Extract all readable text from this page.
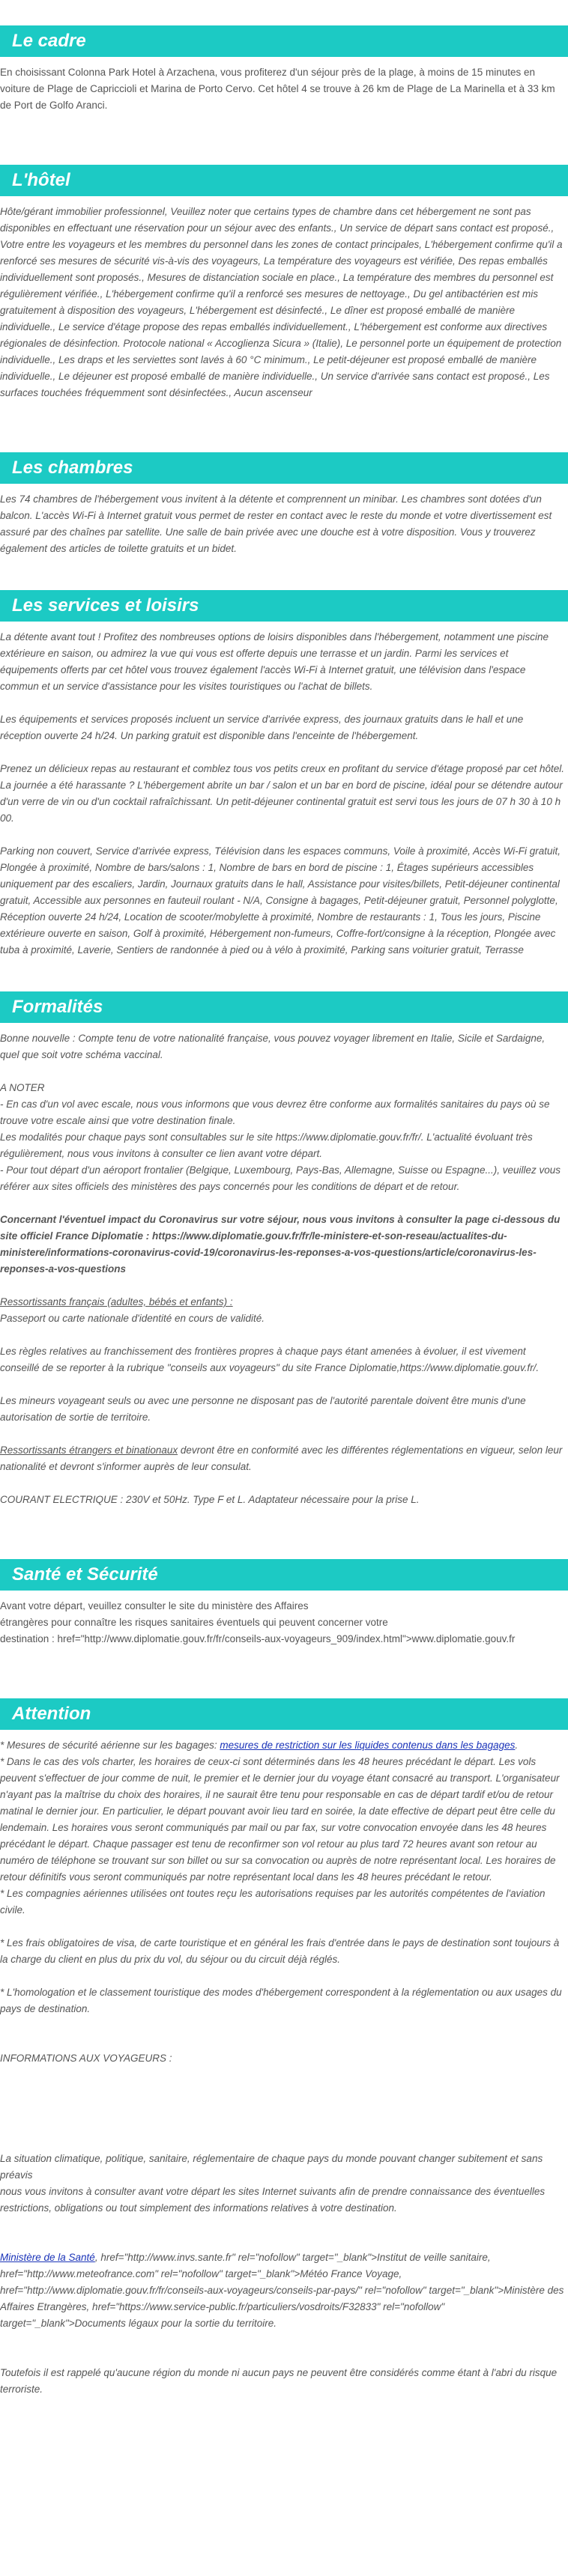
Le cadre

En choisissant Colonna Park Hotel à Arzachena, vous profiterez d'un séjour près de la plage, à moins de 15 minutes en voiture de Plage de Capriccioli et Marina de Porto Cervo. Cet hôtel 4 se trouve à 26 km de Plage de La Marinella et à 33 km de Port de Golfo Aranci.

L'hôtel

Hôte/gérant immobilier professionnel, Veuillez noter que certains types de chambre dans cet hébergement ne sont pas disponibles en effectuant une réservation pour un séjour avec des enfants., Un service de départ sans contact est proposé., Votre entre les voyageurs et les membres du personnel dans les zones de contact principales, L'hébergement confirme qu'il a renforcé ses mesures de sécurité vis-à-vis des voyageurs, La température des voyageurs est vérifiée, Des repas emballés individuellement sont proposés., Mesures de distanciation sociale en place., La température des membres du personnel est régulièrement vérifiée., L'hébergement confirme qu'il a renforcé ses mesures de nettoyage., Du gel antibactérien est mis gratuitement à disposition des voyageurs, L'hébergement est désinfecté., Le dîner est proposé emballé de manière individuelle., Le service d'étage propose des repas emballés individuellement., L'hébergement est conforme aux directives régionales de désinfection. Protocole national « Accoglienza Sicura » (Italie), Le personnel porte un équipement de protection individuelle., Les draps et les serviettes sont lavés à 60 °C minimum., Le petit-déjeuner est proposé emballé de manière individuelle., Le déjeuner est proposé emballé de manière individuelle., Un service d'arrivée sans contact est proposé., Les surfaces touchées fréquemment sont désinfectées., Aucun ascenseur

Les chambres

Les 74 chambres de l'hébergement vous invitent à la détente et comprennent un minibar. Les chambres sont dotées d'un balcon. L'accès Wi-Fi à Internet gratuit vous permet de rester en contact avec le reste du monde et votre divertissement est assuré par des chaînes par satellite. Une salle de bain privée avec une douche est à votre disposition. Vous y trouverez également des articles de toilette gratuits et un bidet.

Les services et loisirs

La détente avant tout ! Profitez des nombreuses options de loisirs disponibles dans l'hébergement, notamment une piscine extérieure en saison, ou admirez la vue qui vous est offerte depuis une terrasse et un jardin. Parmi les services et équipements offerts par cet hôtel vous trouvez également l'accès Wi-Fi à Internet gratuit, une télévision dans l'espace commun et un service d'assistance pour les visites touristiques ou l'achat de billets.

Les équipements et services proposés incluent un service d'arrivée express, des journaux gratuits dans le hall et une réception ouverte 24 h/24. Un parking gratuit est disponible dans l'enceinte de l'hébergement.

Prenez un délicieux repas au restaurant et comblez tous vos petits creux en profitant du service d'étage proposé par cet hôtel. La journée a été harassante ? L'hébergement abrite un bar / salon et un bar en bord de piscine, idéal pour se détendre autour d'un verre de vin ou d'un cocktail rafraîchissant. Un petit-déjeuner continental gratuit est servi tous les jours de 07 h 30 à 10 h 00.

Parking non couvert, Service d'arrivée express, Télévision dans les espaces communs, Voile à proximité, Accès Wi-Fi gratuit, Plongée à proximité, Nombre de bars/salons : 1, Nombre de bars en bord de piscine : 1, Étages supérieurs accessibles uniquement par des escaliers, Jardin, Journaux gratuits dans le hall, Assistance pour visites/billets, Petit-déjeuner continental gratuit, Accessible aux personnes en fauteuil roulant - N/A, Consigne à bagages, Petit-déjeuner gratuit, Personnel polyglotte, Réception ouverte 24 h/24, Location de scooter/mobylette à proximité, Nombre de restaurants : 1, Tous les jours, Piscine extérieure ouverte en saison, Golf à proximité, Hébergement non-fumeurs, Coffre-fort/consigne à la réception, Plongée avec tuba à proximité, Laverie, Sentiers de randonnée à pied ou à vélo à proximité, Parking sans voiturier gratuit, Terrasse

Formalités

Bonne nouvelle : Compte tenu de votre nationalité française, vous pouvez voyager librement en Italie, Sicile et Sardaigne, quel que soit votre schéma vaccinal.

A NOTER
- En cas d'un vol avec escale, nous vous informons que vous devrez être conforme aux formalités sanitaires du pays où se trouve votre escale ainsi que votre destination finale.
Les modalités pour chaque pays sont consultables sur le site https://www.diplomatie.gouv.fr/fr/. L'actualité évoluant très régulièrement, nous vous invitons à consulter ce lien avant votre départ.
- Pour tout départ d'un aéroport frontalier (Belgique, Luxembourg, Pays-Bas, Allemagne, Suisse ou Espagne...), veuillez vous référer aux sites officiels des ministères des pays concernés pour les conditions de départ et de retour.

Concernant l'éventuel impact du Coronavirus sur votre séjour, nous vous invitons à consulter la page ci-dessous du site officiel France Diplomatie : https://www.diplomatie.gouv.fr/fr/le-ministere-et-son-reseau/actualites-du-ministere/informations-coronavirus-covid-19/coronavirus-les-reponses-a-vos-questions/article/coronavirus-les-reponses-a-vos-questions

Ressortissants français (adultes, bébés et enfants) :
Passeport ou carte nationale d'identité en cours de validité.

Les règles relatives au franchissement des frontières propres à chaque pays étant amenées à évoluer, il est vivement conseillé de se reporter à la rubrique "conseils aux voyageurs" du site France Diplomatie,https://www.diplomatie.gouv.fr/.

Les mineurs voyageant seuls ou avec une personne ne disposant pas de l'autorité parentale doivent être munis d'une autorisation de sortie de territoire.

Ressortissants étrangers et binationaux devront être en conformité avec les différentes réglementations en vigueur, selon leur nationalité et devront s'informer auprès de leur consulat.

COURANT ELECTRIQUE : 230V et 50Hz. Type F et L. Adaptateur nécessaire pour la prise L.

Santé et Sécurité

Avant votre départ, veuillez consulter le site du ministère des Affaires
étrangères pour connaître les risques sanitaires éventuels qui peuvent concerner votre
destination : href="http://www.diplomatie.gouv.fr/fr/conseils-aux-voyageurs_909/index.html">www.diplomatie.gouv.fr

Attention

* Mesures de sécurité aérienne sur les bagages: mesures de restriction sur les liquides contenus dans les bagages.
* Dans le cas des vols charter, les horaires de ceux-ci sont déterminés dans les 48 heures précédant le départ. Les vols peuvent s'effectuer de jour comme de nuit, le premier et le dernier jour du voyage étant consacré au transport. L'organisateur n'ayant pas la maîtrise du choix des horaires, il ne saurait être tenu pour responsable en cas de départ tardif et/ou de retour matinal le dernier jour. En particulier, le départ pouvant avoir lieu tard en soirée, la date effective de départ peut être celle du lendemain. Les horaires vous seront communiqués par mail ou par fax, sur votre convocation envoyée dans les 48 heures précédant le départ. Chaque passager est tenu de reconfirmer son vol retour au plus tard 72 heures avant son retour au numéro de téléphone se trouvant sur son billet ou sur sa convocation ou auprès de notre représentant local. Les horaires de retour définitifs vous seront communiqués par notre représentant local dans les 48 heures précédant le retour.
* Les compagnies aériennes utilisées ont toutes reçu les autorisations requises par les autorités compétentes de l'aviation civile.

* Les frais obligatoires de visa, de carte touristique et en général les frais d'entrée dans le pays de destination sont toujours à la charge du client en plus du prix du vol, du séjour ou du circuit déjà réglés.

* L'homologation et le classement touristique des modes d'hébergement correspondent à la réglementation ou aux usages du pays de destination.

INFORMATIONS AUX VOYAGEURS :

La situation climatique, politique, sanitaire, réglementaire de chaque pays du monde pouvant changer subitement et sans préavis
nous vous invitons à consulter avant votre départ les sites Internet suivants afin de prendre connaissance des éventuelles restrictions, obligations ou tout simplement des informations relatives à votre destination.

Ministère de la Santé, href="http://www.invs.sante.fr" rel="nofollow" target="_blank">Institut de veille sanitaire, href="http://www.meteofrance.com" rel="nofollow" target="_blank">Météo France Voyage, href="http://www.diplomatie.gouv.fr/fr/conseils-aux-voyageurs/conseils-par-pays/" rel="nofollow" target="_blank">Ministère des Affaires Etrangères, href="https://www.service-public.fr/particuliers/vosdroits/F32833" rel="nofollow" target="_blank">Documents légaux pour la sortie du territoire.

Toutefois il est rappelé qu'aucune région du monde ni aucun pays ne peuvent être considérés comme étant à l'abri du risque terroriste.
